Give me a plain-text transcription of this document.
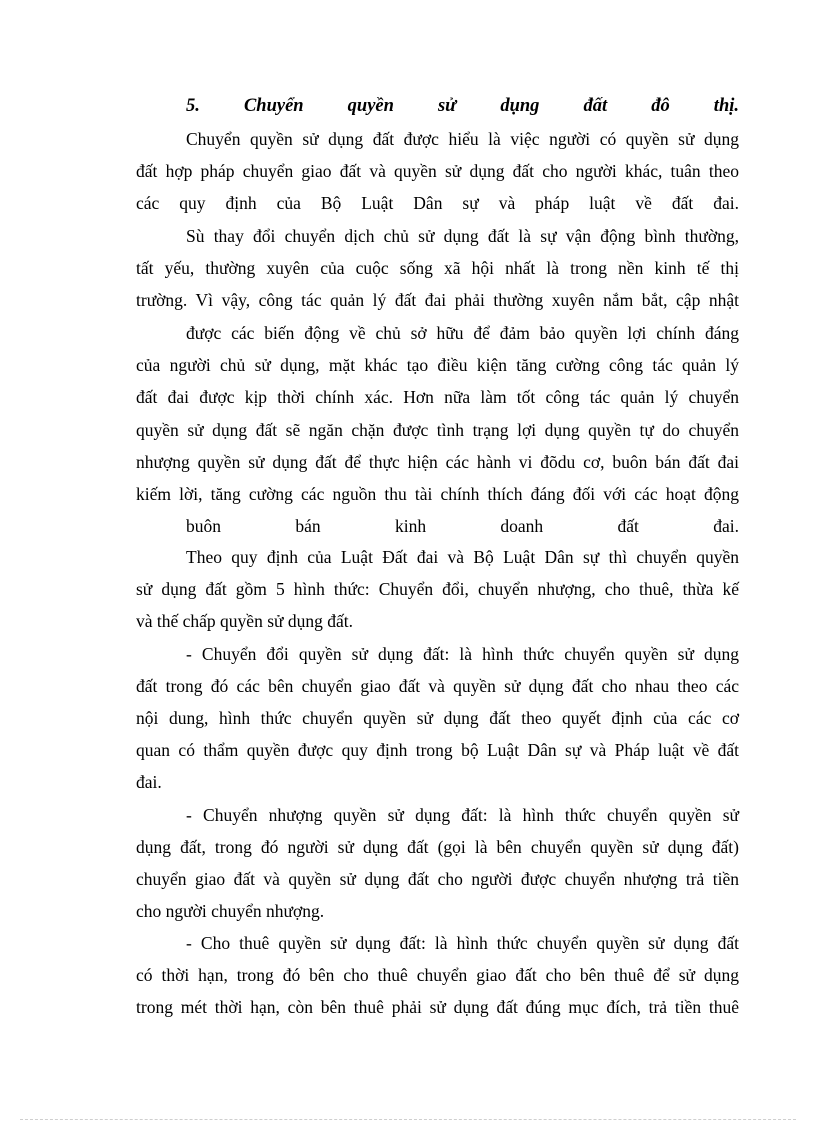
5. Chuyển quyền sử dụng đất đô thị.
Chuyển quyền sử dụng đất được hiểu là việc người có quyền sử dụng
đất hợp pháp chuyển giao đất và quyền sử dụng đất cho người khác, tuân theo
các quy định của Bộ Luật Dân sự và pháp luật về đất đai.
Sù thay đổi chuyển dịch chủ sử dụng đất là sự vận động bình thường,
tất yếu, thường xuyên của cuộc sống xã hội nhất là trong nền kinh tế thị
trường. Vì vậy, công tác quản lý đất đai phải thường xuyên nắm bắt, cập nhật
được các biến động về chủ sở hữu để đảm bảo quyền lợi chính đáng
của người chủ sử dụng, mặt khác tạo điều kiện tăng cường công tác quản lý
đất đai được kịp thời chính xác. Hơn nữa làm tốt công tác quản lý chuyển
quyền sử dụng đất sẽ ngăn chặn được tình trạng lợi dụng quyền tự do chuyển
nhượng quyền sử dụng đất để thực hiện các hành vi đõdu cơ, buôn bán đất đai
kiếm lời, tăng cường các nguồn thu tài chính thích đáng đối với các hoạt động
buôn bán kinh doanh đất đai.
Theo quy định của Luật Đất đai và Bộ Luật Dân sự thì chuyển quyền
sử dụng đất gồm 5 hình thức: Chuyển đổi, chuyển nhượng, cho thuê, thừa kế
và thế chấp quyền sử dụng đất.
- Chuyển đổi quyền sử dụng đất: là hình thức chuyển quyền sử dụng
đất trong đó các bên chuyển giao đất và quyền sử dụng đất cho nhau theo các
nội dung, hình thức chuyển quyền sử dụng đất theo quyết định của các cơ
quan có thẩm quyền được quy định trong bộ Luật Dân sự và Pháp luật về đất
đai.
- Chuyển nhượng quyền sử dụng đất: là hình thức chuyển quyền sử
dụng đất, trong đó người sử dụng đất (gọi là bên chuyển quyền sử dụng đất)
chuyển giao đất và quyền sử dụng đất cho người được chuyển nhượng trả tiền
cho người chuyển nhượng.
- Cho thuê quyền sử dụng đất: là hình thức chuyển quyền sử dụng đất
có thời hạn, trong đó bên cho thuê chuyển giao đất cho bên thuê để sử dụng
trong mét thời hạn, còn bên thuê phải sử dụng đất đúng mục đích, trả tiền thuê
